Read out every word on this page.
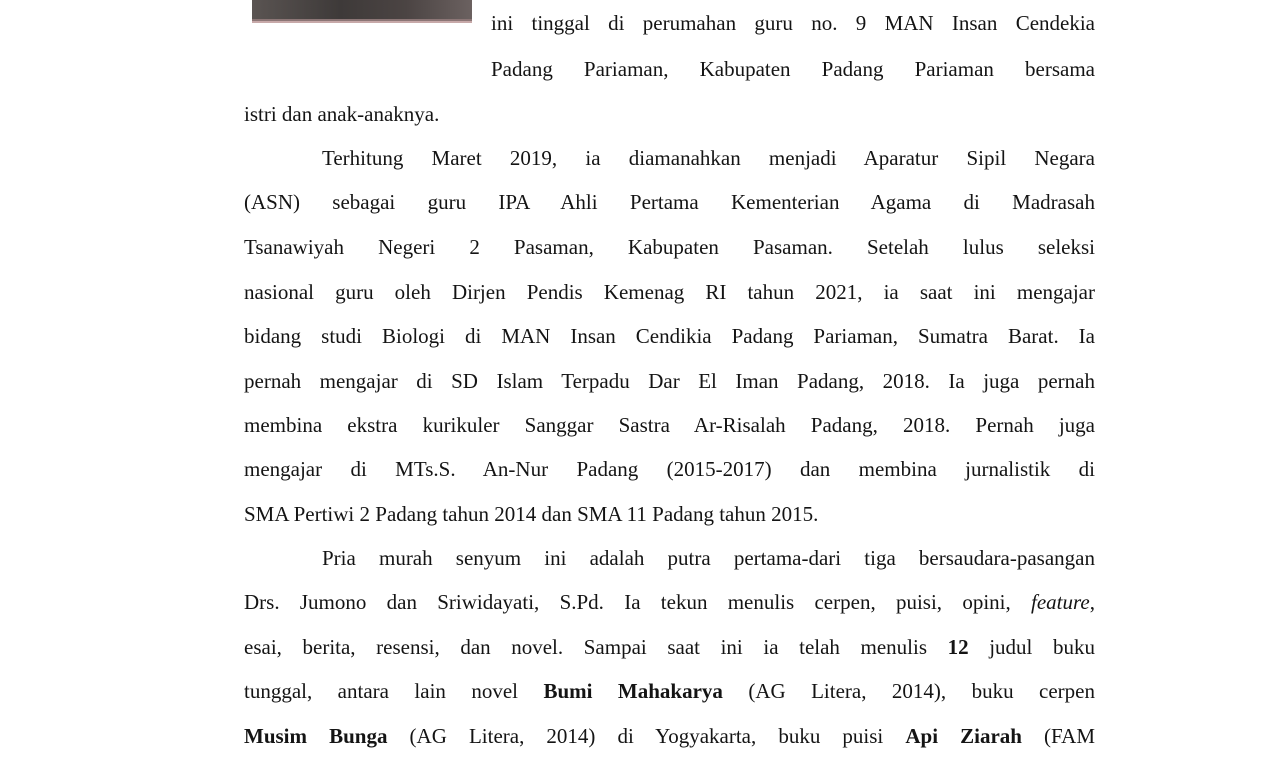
ini tinggal di perumahan guru no. 9 MAN Insan Cendekia
Padang Pariaman, Kabupaten Padang Pariaman bersama
istri dan anak-anaknya.
Terhitung Maret 2019, ia diamanahkan menjadi Aparatur Sipil Negara
(ASN) sebagai guru IPA Ahli Pertama Kementerian Agama di Madrasah
Tsanawiyah Negeri 2 Pasaman, Kabupaten Pasaman. Setelah lulus seleksi
nasional guru oleh Dirjen Pendis Kemenag RI tahun 2021, ia saat ini mengajar
bidang studi Biologi di MAN Insan Cendikia Padang Pariaman, Sumatra Barat. Ia
pernah mengajar di SD Islam Terpadu Dar El Iman Padang, 2018. Ia juga pernah
membina ekstra kurikuler Sanggar Sastra Ar-Risalah Padang, 2018. Pernah juga
mengajar di MTs.S. An-Nur Padang (2015-2017) dan membina jurnalistik di
SMA Pertiwi 2 Padang tahun 2014 dan SMA 11 Padang tahun 2015.
Pria murah senyum ini adalah putra pertama-dari tiga bersaudara-pasangan
Drs. Jumono dan Sriwidayati, S.Pd. Ia tekun menulis cerpen, puisi, opini, feature,
esai, berita, resensi, dan novel. Sampai saat ini ia telah menulis 12 judul buku
tunggal, antara lain novel Bumi Mahakarya (AG Litera, 2014), buku cerpen
Musim Bunga (AG Litera, 2014) di Yogyakarta, buku puisi Api Ziarah (FAM
